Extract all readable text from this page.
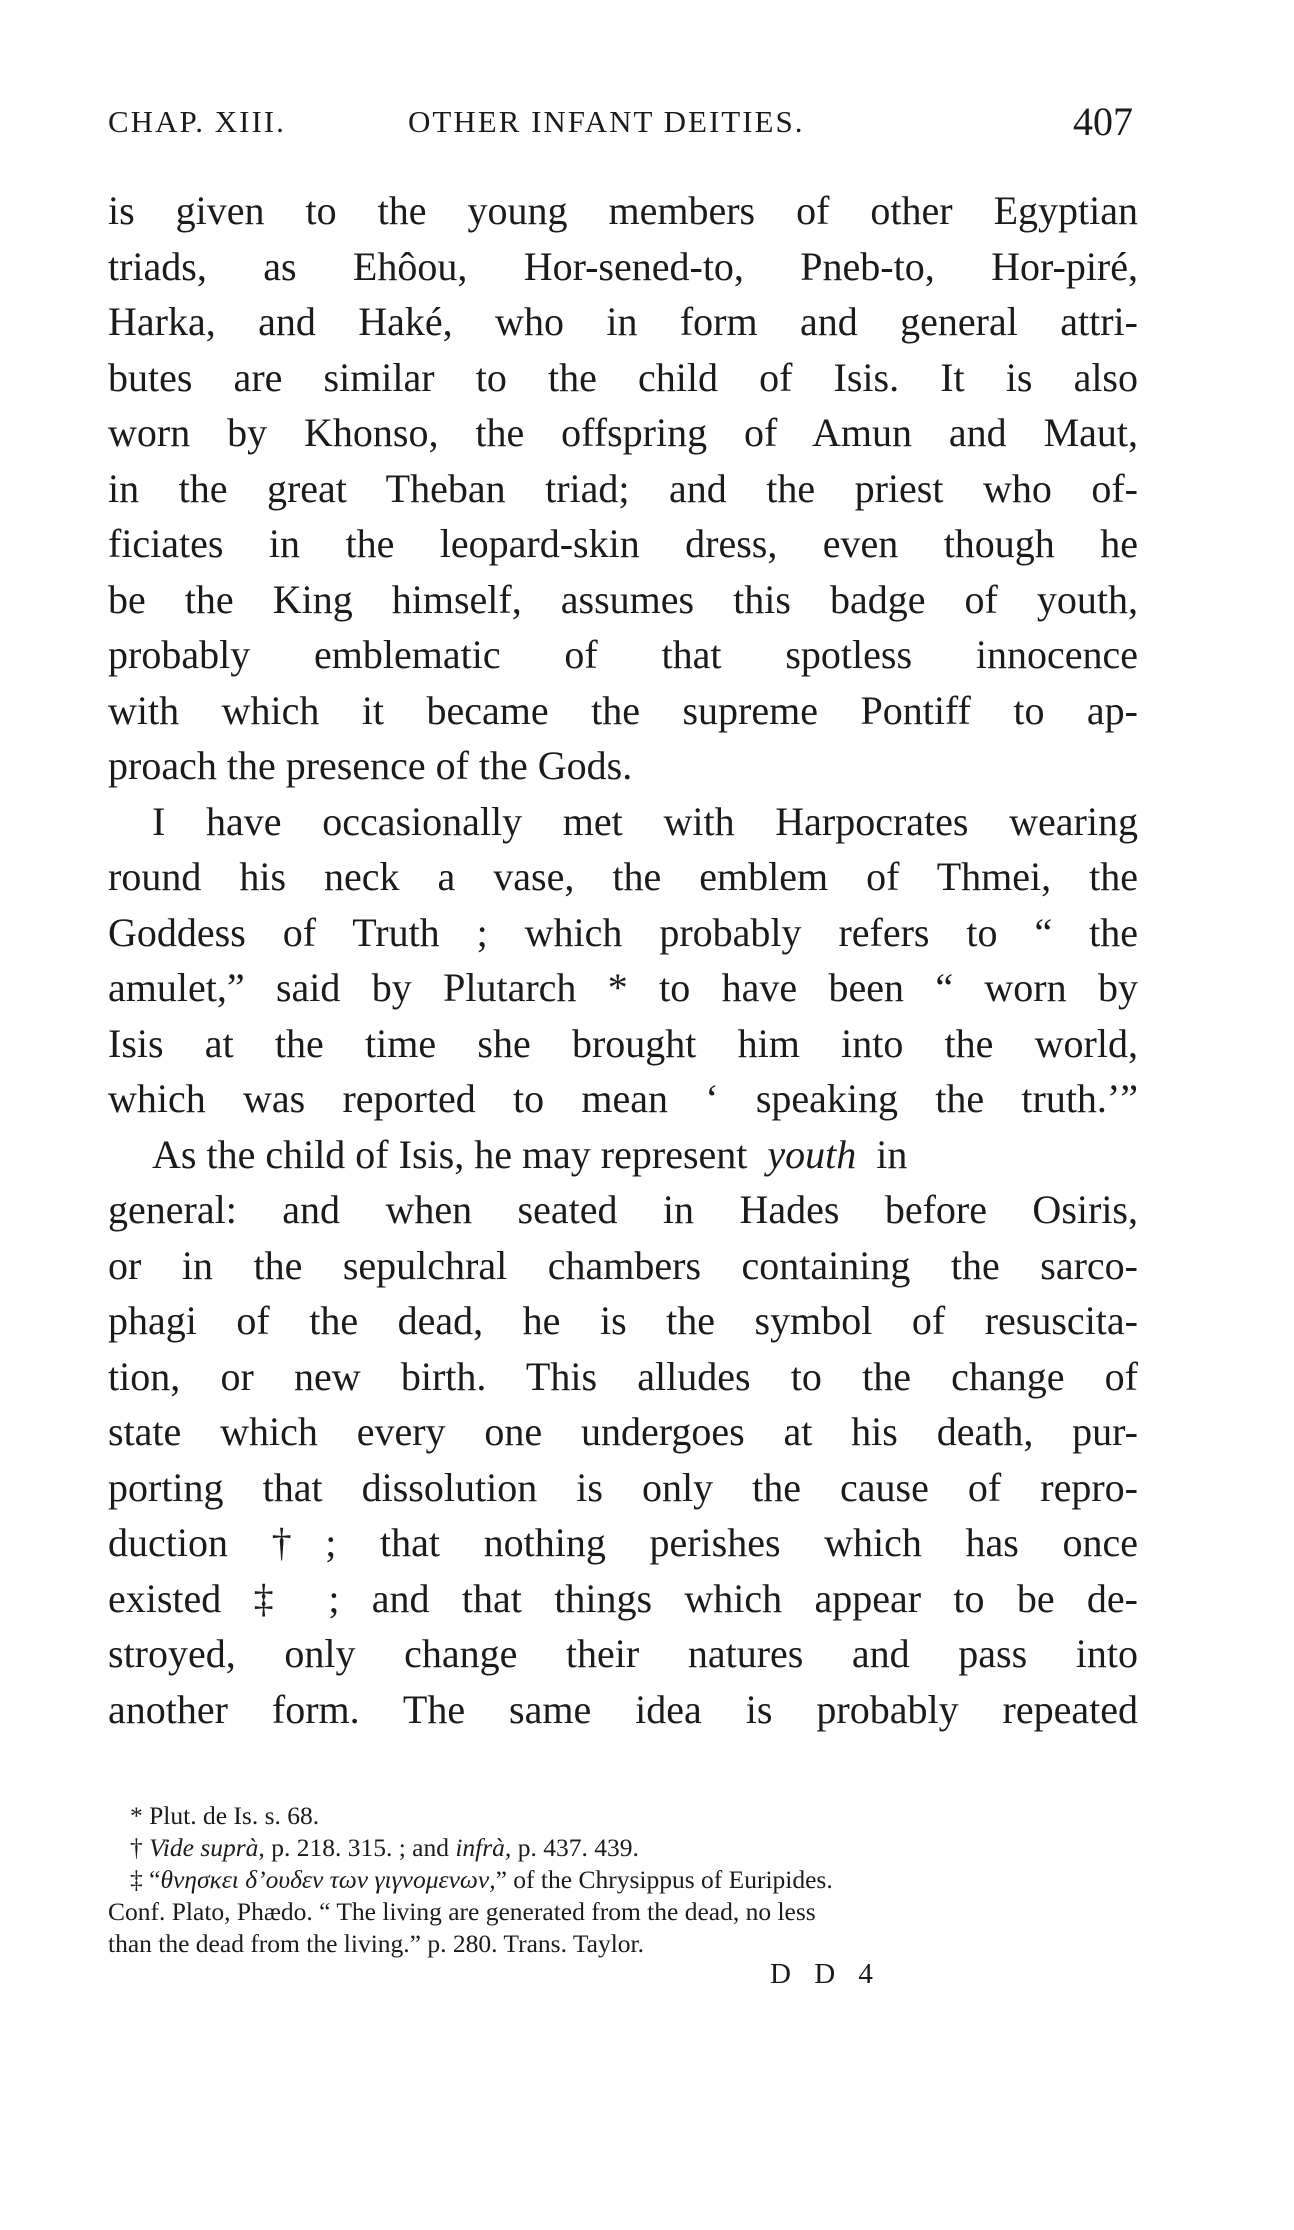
CHAP. XIII.	OTHER INFANT DEITIES.	407
is given to the young members of other Egyptian
triads, as Ehôou, Hor-sened-to, Pneb-to, Hor-piré,
Harka, and Haké, who in form and general attri-
butes are similar to the child of Isis. It is also
worn by Khonso, the offspring of Amun and Maut,
in the great Theban triad; and the priest who of-
ficiates in the leopard-skin dress, even though he
be the King himself, assumes this badge of youth,
probably emblematic of that spotless innocence
with which it became the supreme Pontiff to ap-
proach the presence of the Gods.
I have occasionally met with Harpocrates wearing
round his neck a vase, the emblem of Thmei, the
Goddess of Truth ; which probably refers to “ the
amulet,” said by Plutarch * to have been “ worn by
Isis at the time she brought him into the world,
which was reported to mean ‘ speaking the truth.’”
As the child of Isis, he may represent youth in
general: and when seated in Hades before Osiris,
or in the sepulchral chambers containing the sarco-
phagi of the dead, he is the symbol of resuscita-
tion, or new birth. This alludes to the change of
state which every one undergoes at his death, pur-
porting that dissolution is only the cause of repro-
duction †; that nothing perishes which has once
existed ‡ ; and that things which appear to be de-
stroyed, only change their natures and pass into
another form. The same idea is probably repeated
* Plut. de Is. s. 68.
† Vide suprà, p. 218. 315. ; and infrà, p. 437. 439.
‡ “θνησκει δ’ουδεν των γιγνομενων,” of the Chrysippus of Euripides.
Conf. Plato, Phædo. “ The living are generated from the dead, no less
than the dead from the living.” p. 280. Trans. Taylor.
D D 4
